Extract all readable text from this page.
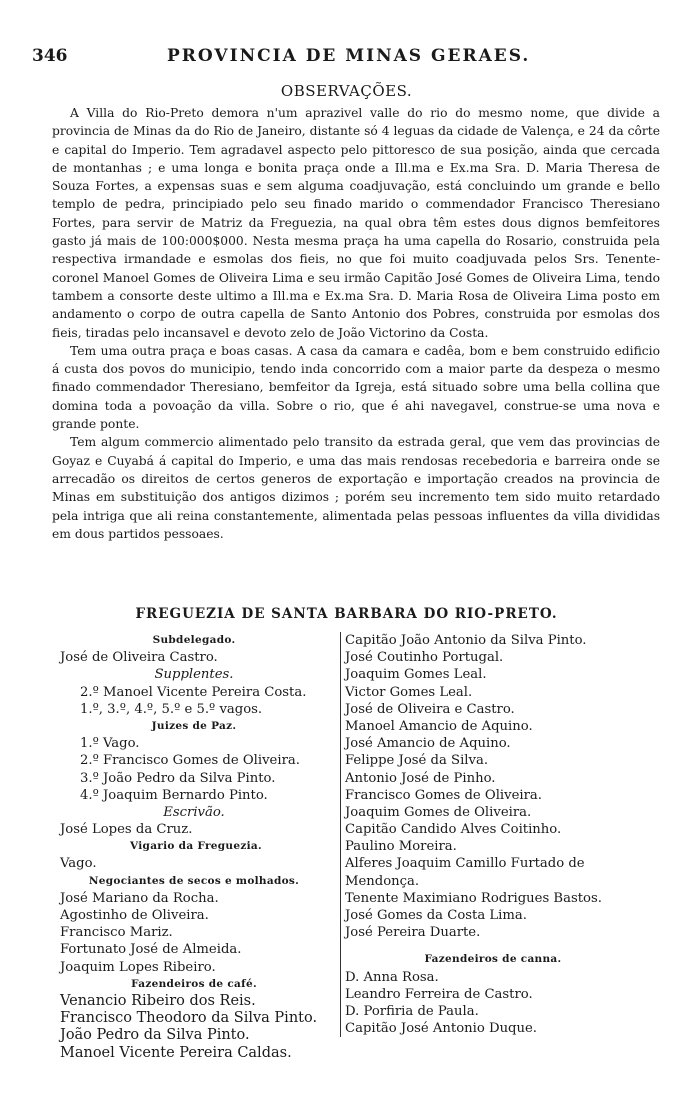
346	PROVINCIA DE MINAS GERAES.
OBSERVAÇÕES.

A Villa do Rio-Preto demora n'um aprazivel valle do rio do mesmo nome, que divide a provincia de Minas da do Rio de Janeiro, distante só 4 leguas da cidade de Valença, e 24 da côrte e capital do Imperio. Tem agradavel aspecto pelo pittoresco de sua posição, ainda que cercada de montanhas ; e uma longa e bonita praça onde a Ill.ma e Ex.ma Sra. D. Maria Theresa de Souza Fortes, a expensas suas e sem alguma coadjuvação, está concluindo um grande e bello templo de pedra, principiado pelo seu finado marido o commendador Francisco Theresiano Fortes, para servir de Matriz da Freguezia, na qual obra têm estes dous dignos bemfeitores gasto já mais de 100:000$000. Nesta mesma praça ha uma capella do Rosario, construida pela respectiva irmandade e esmolas dos fieis, no que foi muito coadjuvada pelos Srs. Tenente-coronel Manoel Gomes de Oliveira Lima e seu irmão Capitão José Gomes de Oliveira Lima, tendo tambem a consorte deste ultimo a Ill.ma e Ex.ma Sra. D. Maria Rosa de Oliveira Lima posto em andamento o corpo de outra capella de Santo Antonio dos Pobres, construida por esmolas dos fieis, tiradas pelo incansavel e devoto zelo de João Victorino da Costa.

Tem uma outra praça e boas casas. A casa da camara e cadêa, bom e bem construido edificio á custa dos povos do municipio, tendo inda concorrido com a maior parte da despeza o mesmo finado commendador Theresiano, bemfeitor da Igreja, está situado sobre uma bella collina que domina toda a povoação da villa. Sobre o rio, que é ahi navegavel, construe-se uma nova e grande ponte.

Tem algum commercio alimentado pelo transito da estrada geral, que vem das provincias de Goyaz e Cuyabá á capital do Imperio, e uma das mais rendosas recebedoria e barreira onde se arrecadão os direitos de certos generos de exportação e importação creados na provincia de Minas em substituição dos antigos dizimos ; porém seu incremento tem sido muito retardado pela intriga que ali reina constantemente, alimentada pelas pessoas influentes da villa divididas em dous partidos pessoaes.

FREGUEZIA DE SANTA BARBARA DO RIO-PRETO.
Subdelegado.
José de Oliveira Castro.
Supplentes.
2.º Manoel Vicente Pereira Costa.
1.º, 3.º, 4.º, 5.º e 5.º vagos.
Juizes de Paz.
1.º Vago.
2.º Francisco Gomes de Oliveira.
3.º João Pedro da Silva Pinto.
4.º Joaquim Bernardo Pinto.
Escrivão.
José Lopes da Cruz.
Vigario da Freguezia.
Vago.
Negociantes de secos e molhados.
José Mariano da Rocha.
Agostinho de Oliveira.
Francisco Mariz.
Fortunato José de Almeida.
Joaquim Lopes Ribeiro.
Fazendeiros de café.
Venancio Ribeiro dos Reis.
Francisco Theodoro da Silva Pinto.
João Pedro da Silva Pinto.
Manoel Vicente Pereira Caldas.
Capitão João Antonio da Silva Pinto.
José Coutinho Portugal.
Joaquim Gomes Leal.
Victor Gomes Leal.
José de Oliveira e Castro.
Manoel Amancio de Aquino.
José Amancio de Aquino.
Felippe José da Silva.
Antonio José de Pinho.
Francisco Gomes de Oliveira.
Joaquim Gomes de Oliveira.
Capitão Candido Alves Coitinho.
Paulino Moreira.
Alferes Joaquim Camillo Furtado de Mendonça.
Tenente Maximiano Rodrigues Bastos.
José Gomes da Costa Lima.
José Pereira Duarte.
Fazendeiros de canna.
D. Anna Rosa.
Leandro Ferreira de Castro.
D. Porfiria de Paula.
Capitão José Antonio Duque.
